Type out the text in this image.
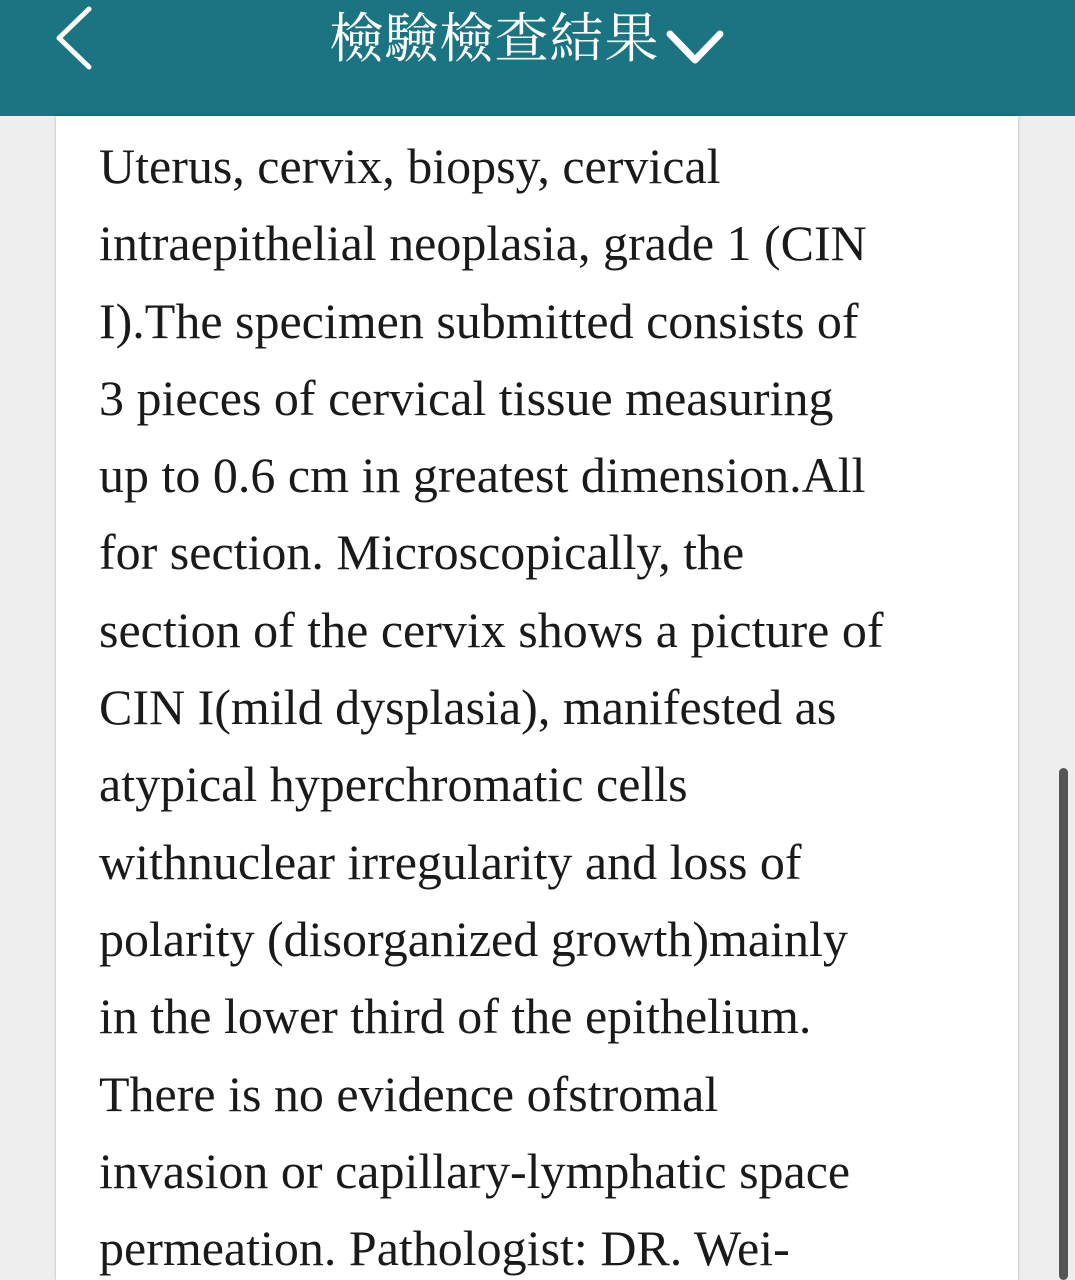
檢驗檢查結果

Uterus, cervix, biopsy, cervical
intraepithelial neoplasia, grade 1 (CIN
I).The specimen submitted consists of
3 pieces of cervical tissue measuring
up to 0.6 cm in greatest dimension.All
for section. Microscopically, the
section of the cervix shows a picture of
CIN I(mild dysplasia), manifested as
atypical hyperchromatic cells
withnuclear irregularity and loss of
polarity (disorganized growth)mainly
in the lower third of the epithelium.
There is no evidence ofstromal
invasion or capillary-lymphatic space
permeation. Pathologist: DR. Wei-
